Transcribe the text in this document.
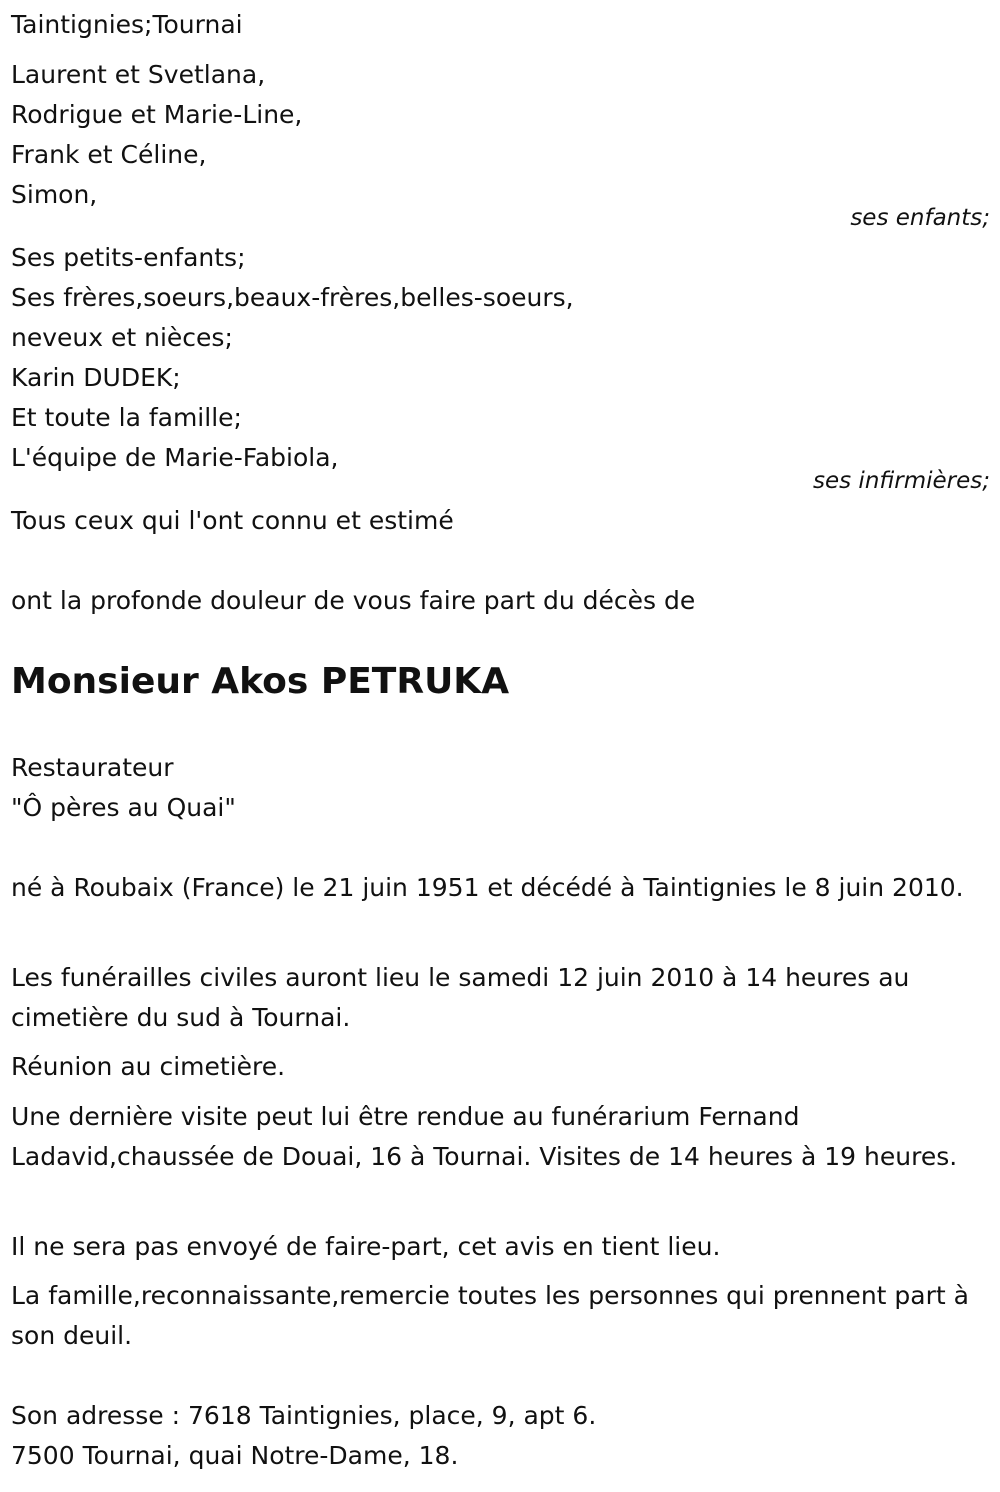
Taintignies;Tournai
Laurent et Svetlana,
Rodrigue et Marie-Line,
Frank et Céline,
Simon,
ses enfants;
Ses petits-enfants;
Ses frères,soeurs,beaux-frères,belles-soeurs,
neveux et nièces;
Karin DUDEK;
Et toute la famille;
L'équipe de Marie-Fabiola,
ses infirmières;
Tous ceux qui l'ont connu et estimé
ont la profonde douleur de vous faire part du décès de
Monsieur Akos PETRUKA
Restaurateur
"Ô pères au Quai"
né à Roubaix (France) le 21 juin 1951 et décédé à Taintignies le 8 juin 2010.
Les funérailles civiles auront lieu le samedi 12 juin 2010 à 14 heures au cimetière du sud à Tournai.
Réunion au cimetière.
Une dernière visite peut lui être rendue au funérarium Fernand Ladavid,chaussée de Douai, 16 à Tournai. Visites de 14 heures à 19 heures.
Il ne sera pas envoyé de faire-part, cet avis en tient lieu.
La famille,reconnaissante,remercie toutes les personnes qui prennent part à son deuil.
Son adresse : 7618 Taintignies, place, 9, apt 6.
7500 Tournai, quai Notre-Dame, 18.
